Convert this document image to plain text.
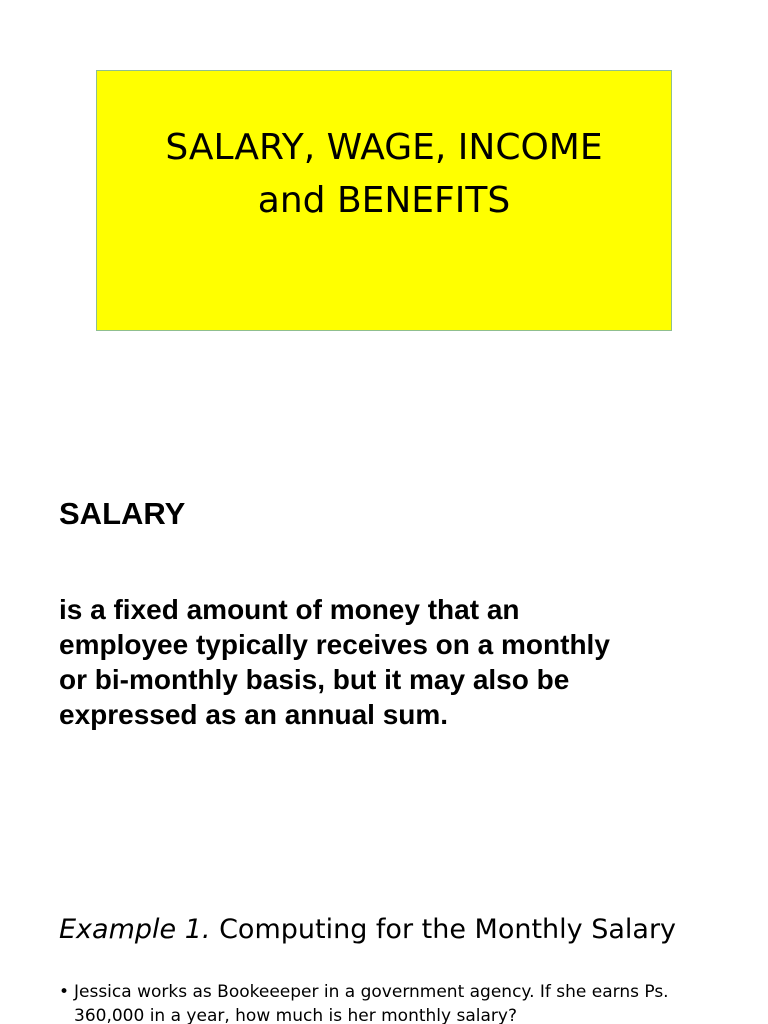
SALARY, WAGE, INCOME
and BENEFITS
SALARY
is a fixed amount of money that an
employee typically receives on a monthly
or bi-monthly basis, but it may also be
expressed as an annual sum.
Example 1. Computing for the Monthly Salary
• Jessica works as Bookeeeper in a government agency. If she earns Ps.
360,000 in a year, how much is her monthly salary?
